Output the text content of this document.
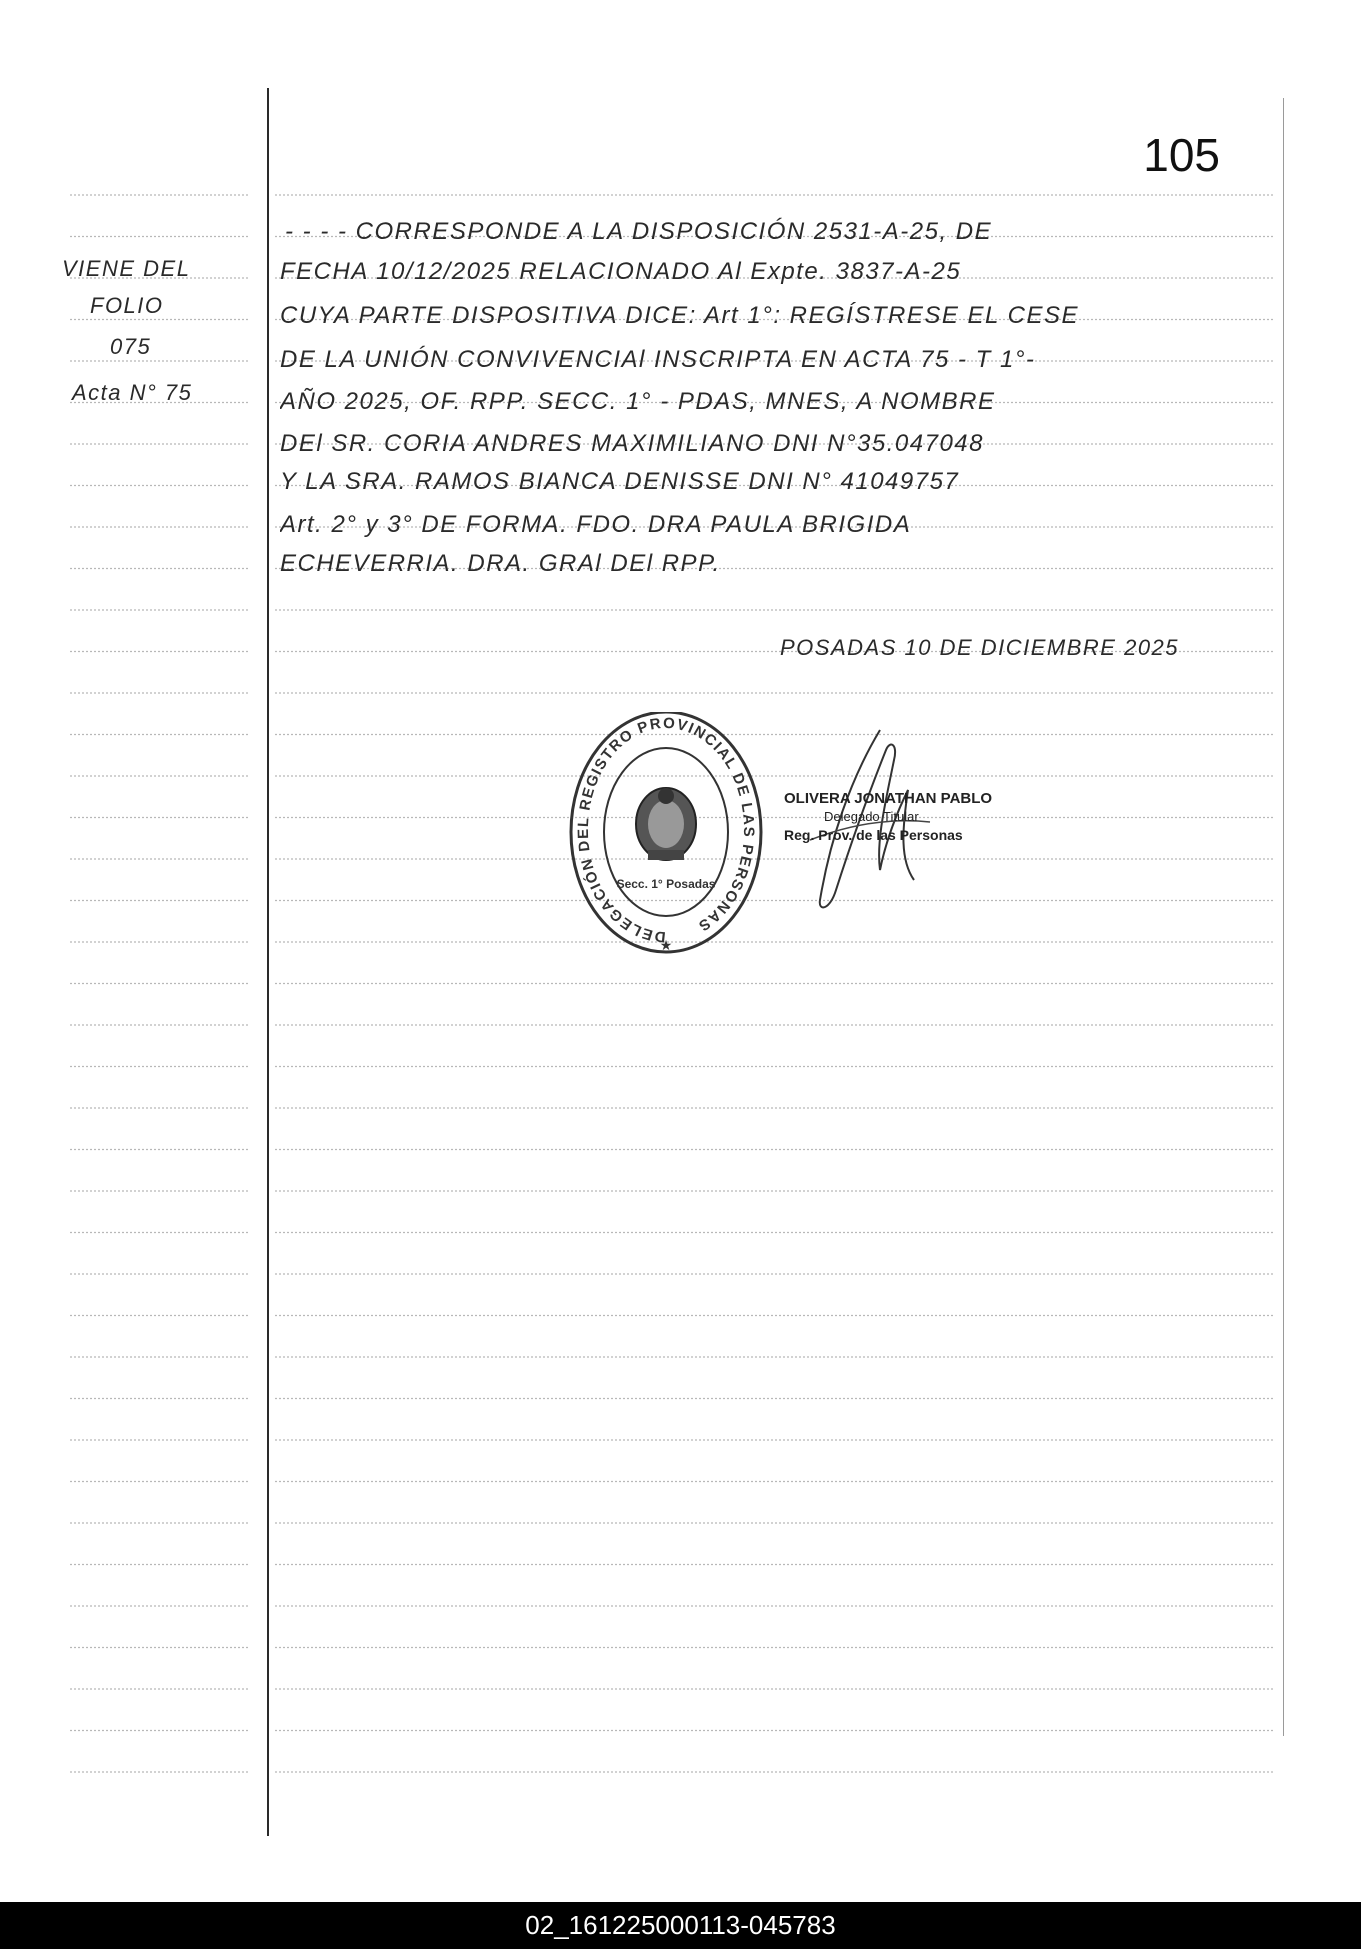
105
VIENE DEL
FOLIO
075
Acta N° 75
- - - - CORRESPONDE A LA DISPOSICIÓN 2531-A-25, DE
FECHA 10/12/2025 RELACIONADO Al Expte. 3837-A-25
CUYA PARTE DISPOSITIVA DICE: Art 1°: REGÍSTRESE EL CESE
DE LA UNIÓN CONVIVENCIAl INSCRIPTA EN ACTA 75 - T 1°-
AÑO 2025, OF. RPP. SECC. 1° - PDAS, MNES, A NOMBRE
DEl SR. CORIA ANDRES MAXIMILIANO DNI N°35.047048
Y LA SRA. RAMOS BIANCA DENISSE DNI N° 41049757
Art. 2° y 3° DE FORMA. FDO. DRA PAULA BRIGIDA
ECHEVERRIA. DRA. GRAl DEl RPP.
POSADAS 10 DE DICIEMBRE 2025
DELEGACIÓN DEL REGISTRO PROVINCIAL DE LAS PERSONAS
Secc. 1° Posadas
★
OLIVERA JONATHAN PABLO
Delegado Titular
Reg. Prov. de las Personas
02_161225000113-045783
